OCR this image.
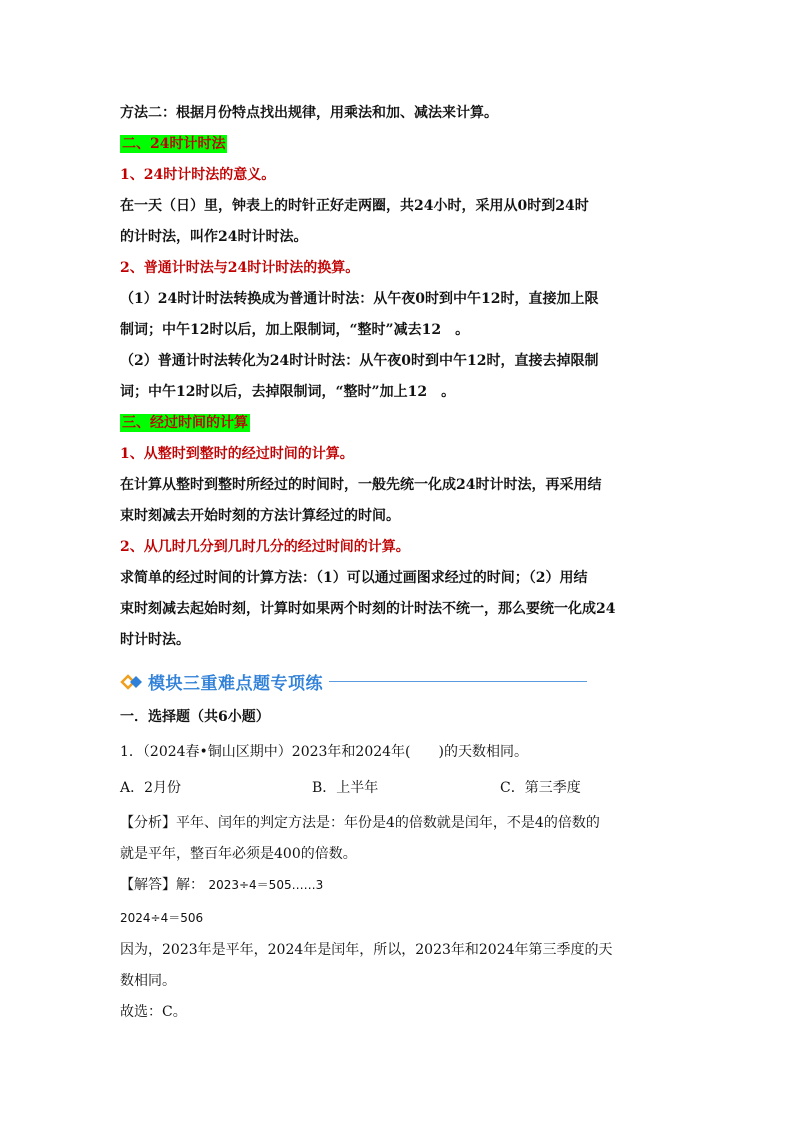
方法二：根据月份特点找出规律，用乘法和加、减法来计算。
二、24时计时法
1、24时计时法的意义。
在一天（日）里，钟表上的时针正好走两圈，共24小时，采用从0时到24时
的计时法，叫作24时计时法。
2、普通计时法与24时计时法的换算。
（1）24时计时法转换成为普通计时法：从午夜0时到中午12时，直接加上限
制词；中午12时以后，加上限制词，“整时”减去12　。
（2）普通计时法转化为24时计时法：从午夜0时到中午12时，直接去掉限制
词；中午12时以后，去掉限制词，“整时”加上12　。
三、经过时间的计算
1、从整时到整时的经过时间的计算。
在计算从整时到整时所经过的时间时，一般先统一化成24时计时法，再采用结
束时刻减去开始时刻的方法计算经过的时间。
2、从几时几分到几时几分的经过时间的计算。
求简单的经过时间的计算方法：（1）可以通过画图求经过的时间；（2）用结
束时刻减去起始时刻，计算时如果两个时刻的计时法不统一，那么要统一化成24
时计时法。
模块三重难点题专项练
一．选择题（共6小题）
1．（2024春•铜山区期中）2023年和2024年(　　)的天数相同。
A．2月份	B．上半年	C．第三季度
【分析】平年、闰年的判定方法是：年份是4的倍数就是闰年，不是4的倍数的
就是平年，整百年必须是400的倍数。
【解答】解： 2023÷4＝505……3
2024÷4＝506
因为，2023年是平年，2024年是闰年，所以，2023年和2024年第三季度的天
数相同。
故选：C。
